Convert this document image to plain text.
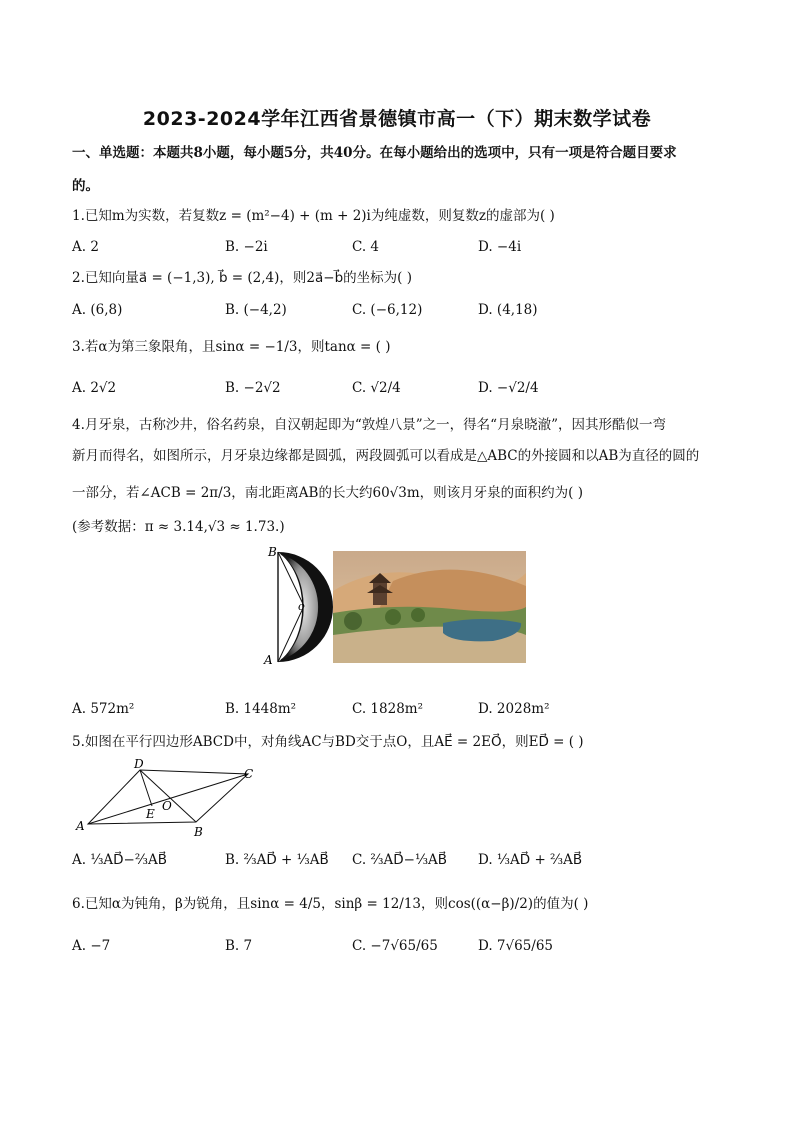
2023-2024学年江西省景德镇市高一（下）期末数学试卷
一、单选题：本题共8小题，每小题5分，共40分。在每小题给出的选项中，只有一项是符合题目要求
的。
1.已知m为实数，若复数z = (m²−4) + (m + 2)i为纯虚数，则复数z的虚部为( )
A. 2	B. −2i	C. 4	D. −4i
2.已知向量a⃗ = (−1,3), b⃗ = (2,4)，则2a⃗−b⃗的坐标为( )
A. (6,8)	B. (−4,2)	C. (−6,12)	D. (4,18)
3.若α为第三象限角，且sinα = −1/3，则tanα = ( )
A. 2√2	B. −2√2	C. √2/4	D. −√2/4
4.月牙泉，古称沙井，俗名药泉，自汉朝起即为“敦煌八景”之一，得名“月泉晓澈”，因其形酷似一弯
新月而得名，如图所示，月牙泉边缘都是圆弧，两段圆弧可以看成是△ABC的外接圆和以AB为直径的圆的
一部分，若∠ACB = 2π/3，南北距离AB的长大约60√3m，则该月牙泉的面积约为( )
(参考数据：π ≈ 3.14,√3 ≈ 1.73.)
B
c
A
A. 572m²	B. 1448m²	C. 1828m²	D. 2028m²
5.如图在平行四边形ABCD中，对角线AC与BD交于点O，且AE⃗ = 2EO⃗，则ED⃗ = ( )
D
C
E
O
A	B
A. ⅓AD⃗−⅔AB⃗	B. ⅔AD⃗ + ⅓AB⃗ C. ⅔AD⃗−⅓AB⃗ D. ⅓AD⃗ + ⅔AB⃗
6.已知α为钝角，β为锐角，且sinα = 4/5，sinβ = 12/13，则cos((α−β)/2)的值为( )
A. −7	B. 7	C. −7√65/65	D. 7√65/65
